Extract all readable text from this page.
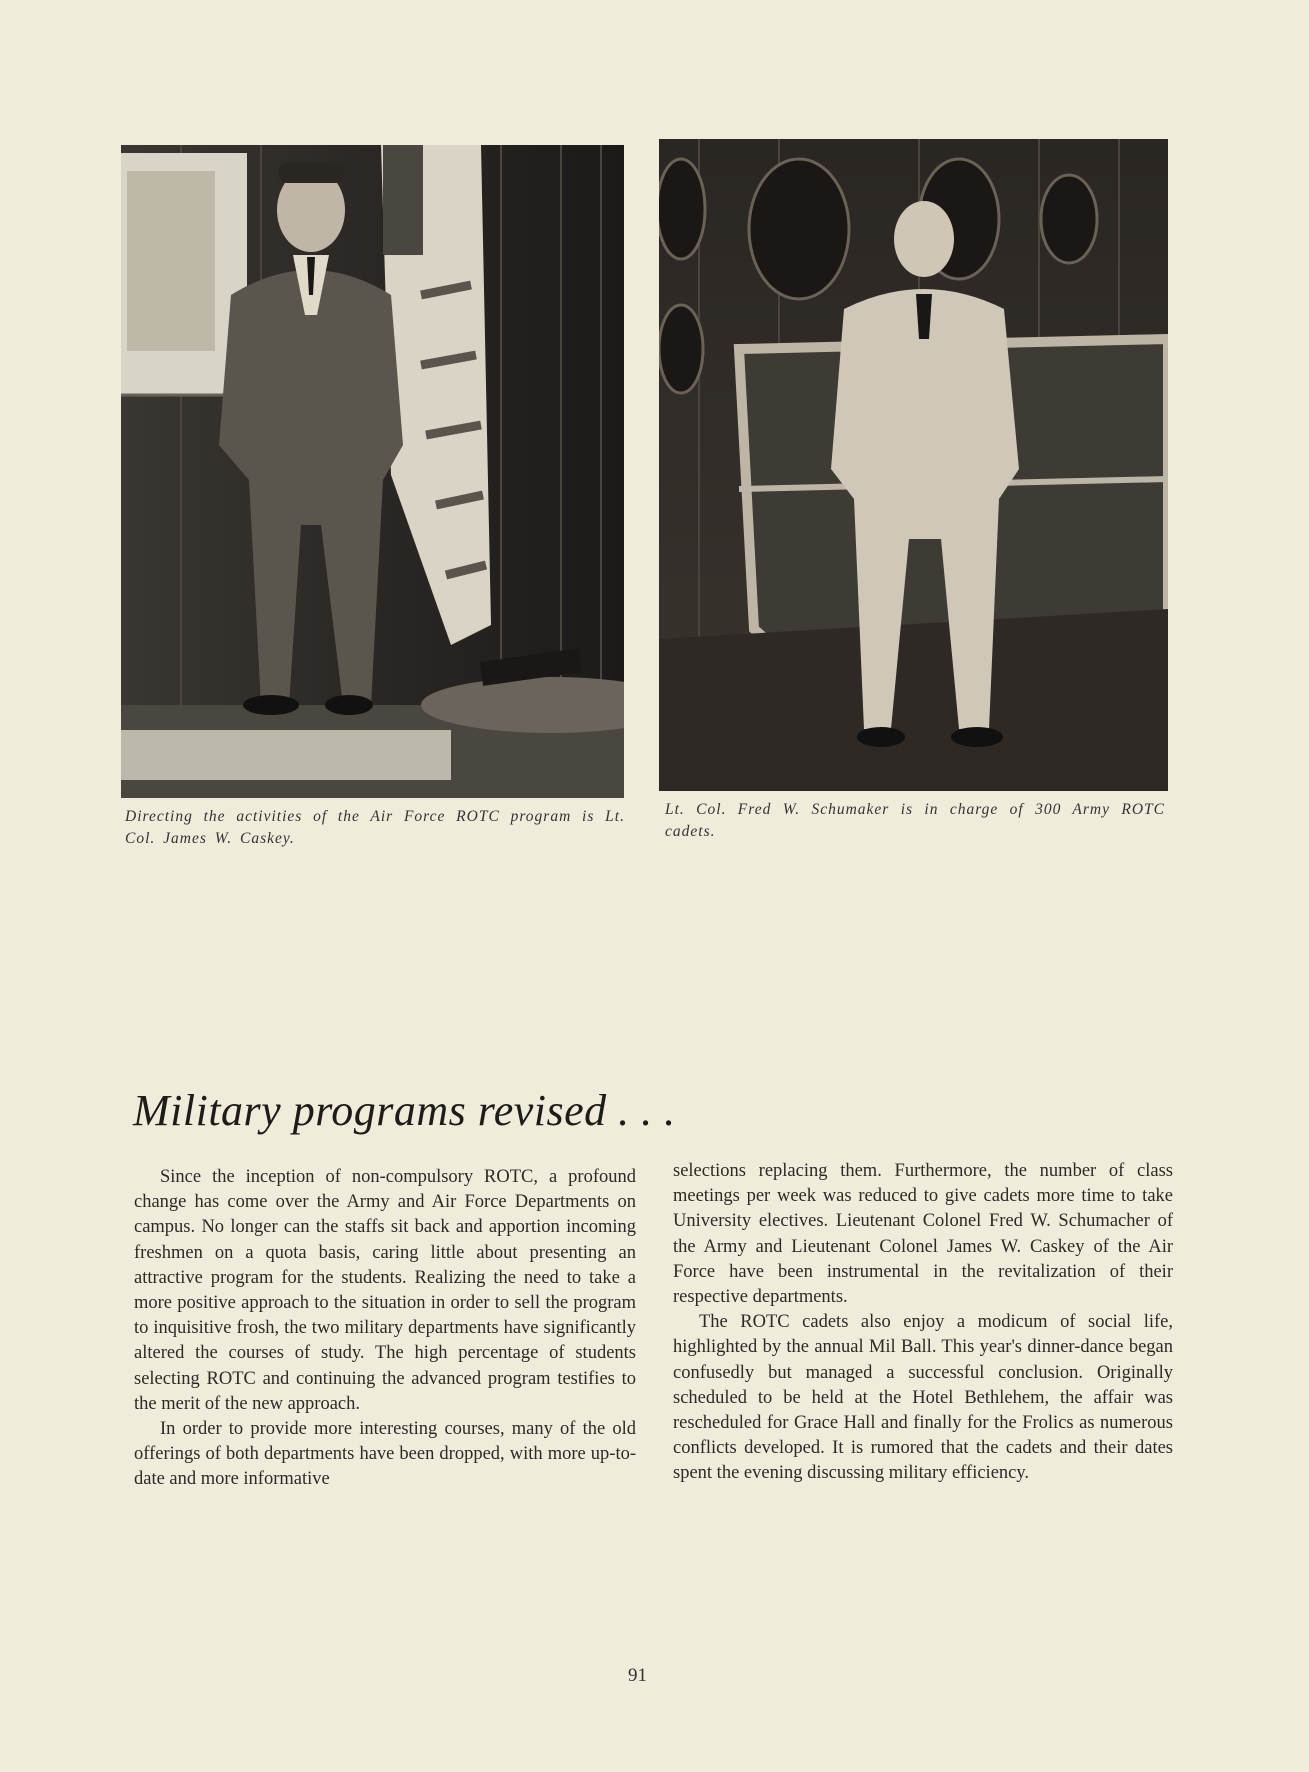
Directing the activities of the Air Force ROTC program is Lt. Col. James W. Caskey.
Lt. Col. Fred W. Schumaker is in charge of 300 Army ROTC cadets.
Military programs revised . . .

Since the inception of non-compulsory ROTC, a profound change has come over the Army and Air Force Departments on campus. No longer can the staffs sit back and apportion incoming freshmen on a quota basis, caring little about presenting an attractive program for the students. Realizing the need to take a more positive approach to the situation in order to sell the program to inquisitive frosh, the two military departments have significantly altered the courses of study. The high percentage of students selecting ROTC and continuing the advanced program testifies to the merit of the new approach.

In order to provide more interesting courses, many of the old offerings of both departments have been dropped, with more up-to-date and more informative

selections replacing them. Furthermore, the number of class meetings per week was reduced to give cadets more time to take University electives. Lieutenant Colonel Fred W. Schumacher of the Army and Lieutenant Colonel James W. Caskey of the Air Force have been instrumental in the revitalization of their respective departments.

The ROTC cadets also enjoy a modicum of social life, highlighted by the annual Mil Ball. This year's dinner-dance began confusedly but managed a successful conclusion. Originally scheduled to be held at the Hotel Bethlehem, the affair was rescheduled for Grace Hall and finally for the Frolics as numerous conflicts developed. It is rumored that the cadets and their dates spent the evening discussing military efficiency.

91
